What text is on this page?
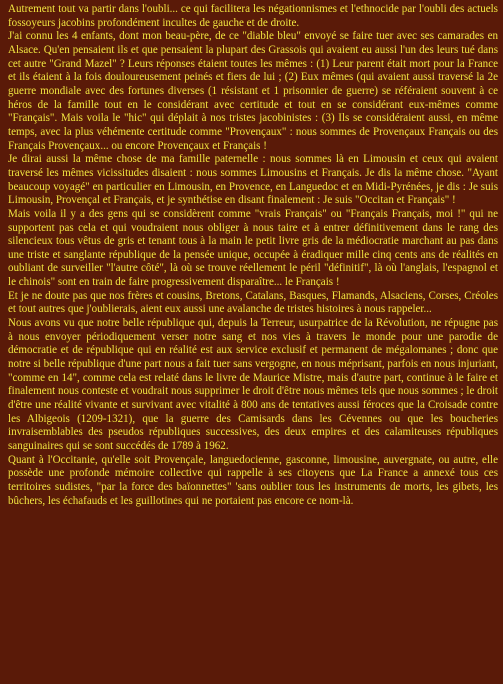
Autrement tout va partir dans l'oubli... ce qui facilitera les négationnismes et l'ethnocide par l'oubli des actuels fossoyeurs jacobins profondément incultes de gauche et de droite.

J'ai connu les 4 enfants, dont mon beau-père, de ce "diable bleu" envoyé se faire tuer avec ses camarades en Alsace. Qu'en pensaient ils et que pensaient la plupart des Grassois qui avaient eu aussi l'un des leurs tué dans cet autre "Grand Mazel" ? Leurs réponses étaient toutes les mêmes : (1) Leur parent était mort pour la France et ils étaient à la fois douloureusement peinés et fiers de lui ; (2) Eux mêmes (qui avaient aussi traversé la 2e guerre mondiale avec des fortunes diverses (1 résistant et 1 prisonnier de guerre) se référaient souvent à ce héros de la famille tout en le considérant avec certitude et tout en se considérant eux-mêmes comme "Français". Mais voila le "hic" qui déplait à nos tristes jacobinistes : (3) Ils se considéraient aussi, en même temps, avec la plus véhémente certitude comme "Provençaux" : nous sommes de Provençaux Français ou des Français Provençaux... ou encore Provençaux et Français !

Je dirai aussi la même chose de ma famille paternelle : nous sommes là en Limousin et ceux qui avaient traversé les mêmes vicissitudes disaient : nous sommes Limousins et Français. Je dis la même chose. "Ayant beaucoup voyagé" en particulier en Limousin, en Provence, en Languedoc et en Midi-Pyrénées, je dis : Je suis Limousin, Provençal et Français, et je synthétise en disant finalement : Je suis "Occitan et Français" !

Mais voila il y a des gens qui se considèrent comme "vrais Français" ou "Français Français, moi !" qui ne supportent pas cela et qui voudraient nous obliger à nous taire et à entrer définitivement dans le rang des silencieux tous vêtus de gris et tenant tous à la main le petit livre gris de la médiocratie marchant au pas dans une triste et sanglante république de la pensée unique, occupée à éradiquer mille cinq cents ans de réalités en oubliant de surveiller "l'autre côté", là où se trouve réellement le péril "définitif", là où l'anglais, l'espagnol et le chinois" sont en train de faire progressivement disparaître... le Français !

Et je ne doute pas que nos frères et cousins, Bretons, Catalans, Basques, Flamands, Alsaciens, Corses, Créoles et tout autres que j'oublierais, aient eux aussi une avalanche de tristes histoires à nous rappeler...

Nous avons vu que notre belle république qui, depuis la Terreur, usurpatrice de la Révolution, ne répugne pas à nous envoyer périodiquement verser notre sang et nos vies à travers le monde pour une parodie de démocratie et de république qui en réalité est aux service exclusif et permanent de mégalomanes ; donc que notre si belle république d'une part nous a fait tuer sans vergogne, en nous méprisant, parfois en nous injuriant, "comme en 14", comme cela est relaté dans le livre de Maurice Mistre, mais d'autre part, continue à le faire et finalement nous conteste et voudrait nous supprimer le droit d'être nous mêmes tels que nous sommes ; le droit d'être une réalité vivante et survivant avec vitalité à 800 ans de tentatives aussi féroces que la Croisade contre les Albigeois (1209-1321), que la guerre des Camisards dans les Cévennes ou que les boucheries invraisemblables des pseudos républiques successives, des deux empires et des calamiteuses républiques sanguinaires qui se sont succédés de 1789 à 1962.

Quant à l'Occitanie, qu'elle soit Provençale, languedocienne, gasconne, limousine, auvergnate, ou autre, elle possède une profonde mémoire collective qui rappelle à ses citoyens que La France a annexé tous ces territoires sudistes, "par la force des baïonnettes" 'sans oublier tous les instruments de morts, les gibets, les bûchers, les échafauds et les guillotines qui ne portaient pas encore ce nom-là.
